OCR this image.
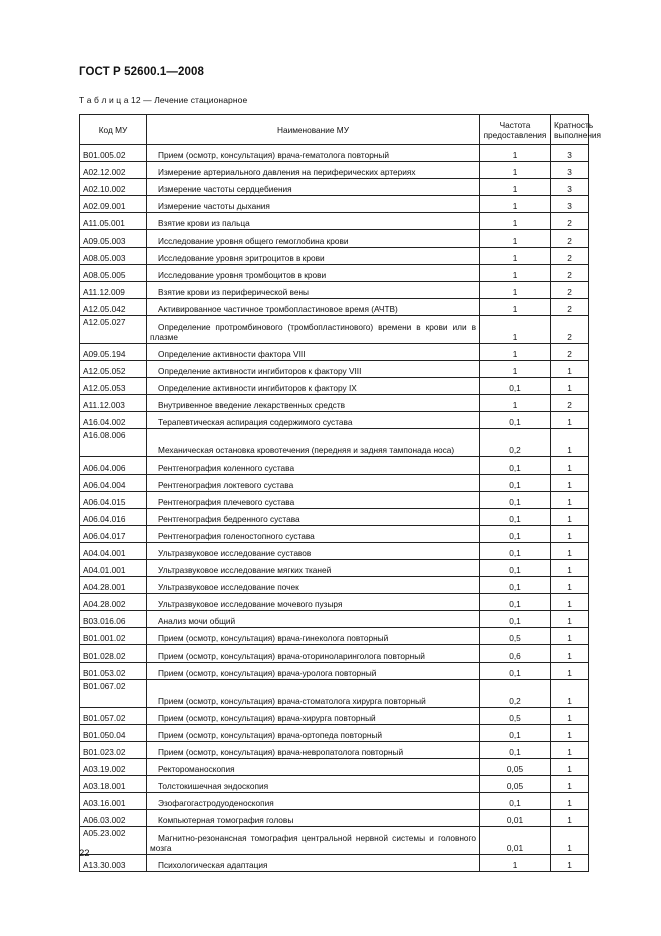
ГОСТ Р 52600.1—2008
Т а б л и ц а 12 — Лечение стационарное
Код МУ	Наименование МУ	Частота предоставления	Кратность выполнения
B01.005.02	Прием (осмотр, консультация) врача-гематолога повторный	1	3
A02.12.002	Измерение артериального давления на периферических артериях	1	3
A02.10.002	Измерение частоты сердцебиения	1	3
A02.09.001	Измерение частоты дыхания	1	3
A11.05.001	Взятие крови из пальца	1	2
A09.05.003	Исследование уровня общего гемоглобина крови	1	2
A08.05.003	Исследование уровня эритроцитов в крови	1	2
A08.05.005	Исследование уровня тромбоцитов в крови	1	2
A11.12.009	Взятие крови из периферической вены	1	2
A12.05.042	Активированное частичное тромбопластиновое время (АЧТВ)	1	2
A12.05.027	Определение протромбинового (тромбопластинового) времени в крови или в плазме	1	2
A09.05.194	Определение активности фактора VIII	1	2
A12.05.052	Определение активности ингибиторов к фактору VIII	1	1
A12.05.053	Определение активности ингибиторов к фактору IX	0,1	1
A11.12.003	Внутривенное введение лекарственных средств	1	2
A16.04.002	Терапевтическая аспирация содержимого сустава	0,1	1
A16.08.006	Механическая остановка кровотечения (передняя и задняя тампонада носа)	0,2	1
A06.04.006	Рентгенография коленного сустава	0,1	1
A06.04.004	Рентгенография локтевого сустава	0,1	1
A06.04.015	Рентгенография плечевого сустава	0,1	1
A06.04.016	Рентгенография бедренного сустава	0,1	1
A06.04.017	Рентгенография голеностопного сустава	0,1	1
A04.04.001	Ультразвуковое исследование суставов	0,1	1
A04.01.001	Ультразвуковое исследование мягких тканей	0,1	1
A04.28.001	Ультразвуковое исследование почек	0,1	1
A04.28.002	Ультразвуковое исследование мочевого пузыря	0,1	1
B03.016.06	Анализ мочи общий	0,1	1
B01.001.02	Прием (осмотр, консультация) врача-гинеколога повторный	0,5	1
B01.028.02	Прием (осмотр, консультация) врача-оториноларинголога повторный	0,6	1
B01.053.02	Прием (осмотр, консультация) врача-уролога повторный	0,1	1
B01.067.02	Прием (осмотр, консультация) врача-стоматолога хирурга повторный	0,2	1
B01.057.02	Прием (осмотр, консультация) врача-хирурга повторный	0,5	1
B01.050.04	Прием (осмотр, консультация) врача-ортопеда повторный	0,1	1
B01.023.02	Прием (осмотр, консультация) врача-невропатолога повторный	0,1	1
A03.19.002	Ректороманоскопия	0,05	1
A03.18.001	Толстокишечная эндоскопия	0,05	1
A03.16.001	Эзофагогастродуоденоскопия	0,1	1
A06.03.002	Компьютерная томография головы	0,01	1
A05.23.002	Магнитно-резонансная томография центральной нервной системы и головного мозга	0,01	1
A13.30.003	Психологическая адаптация	1	1
22
